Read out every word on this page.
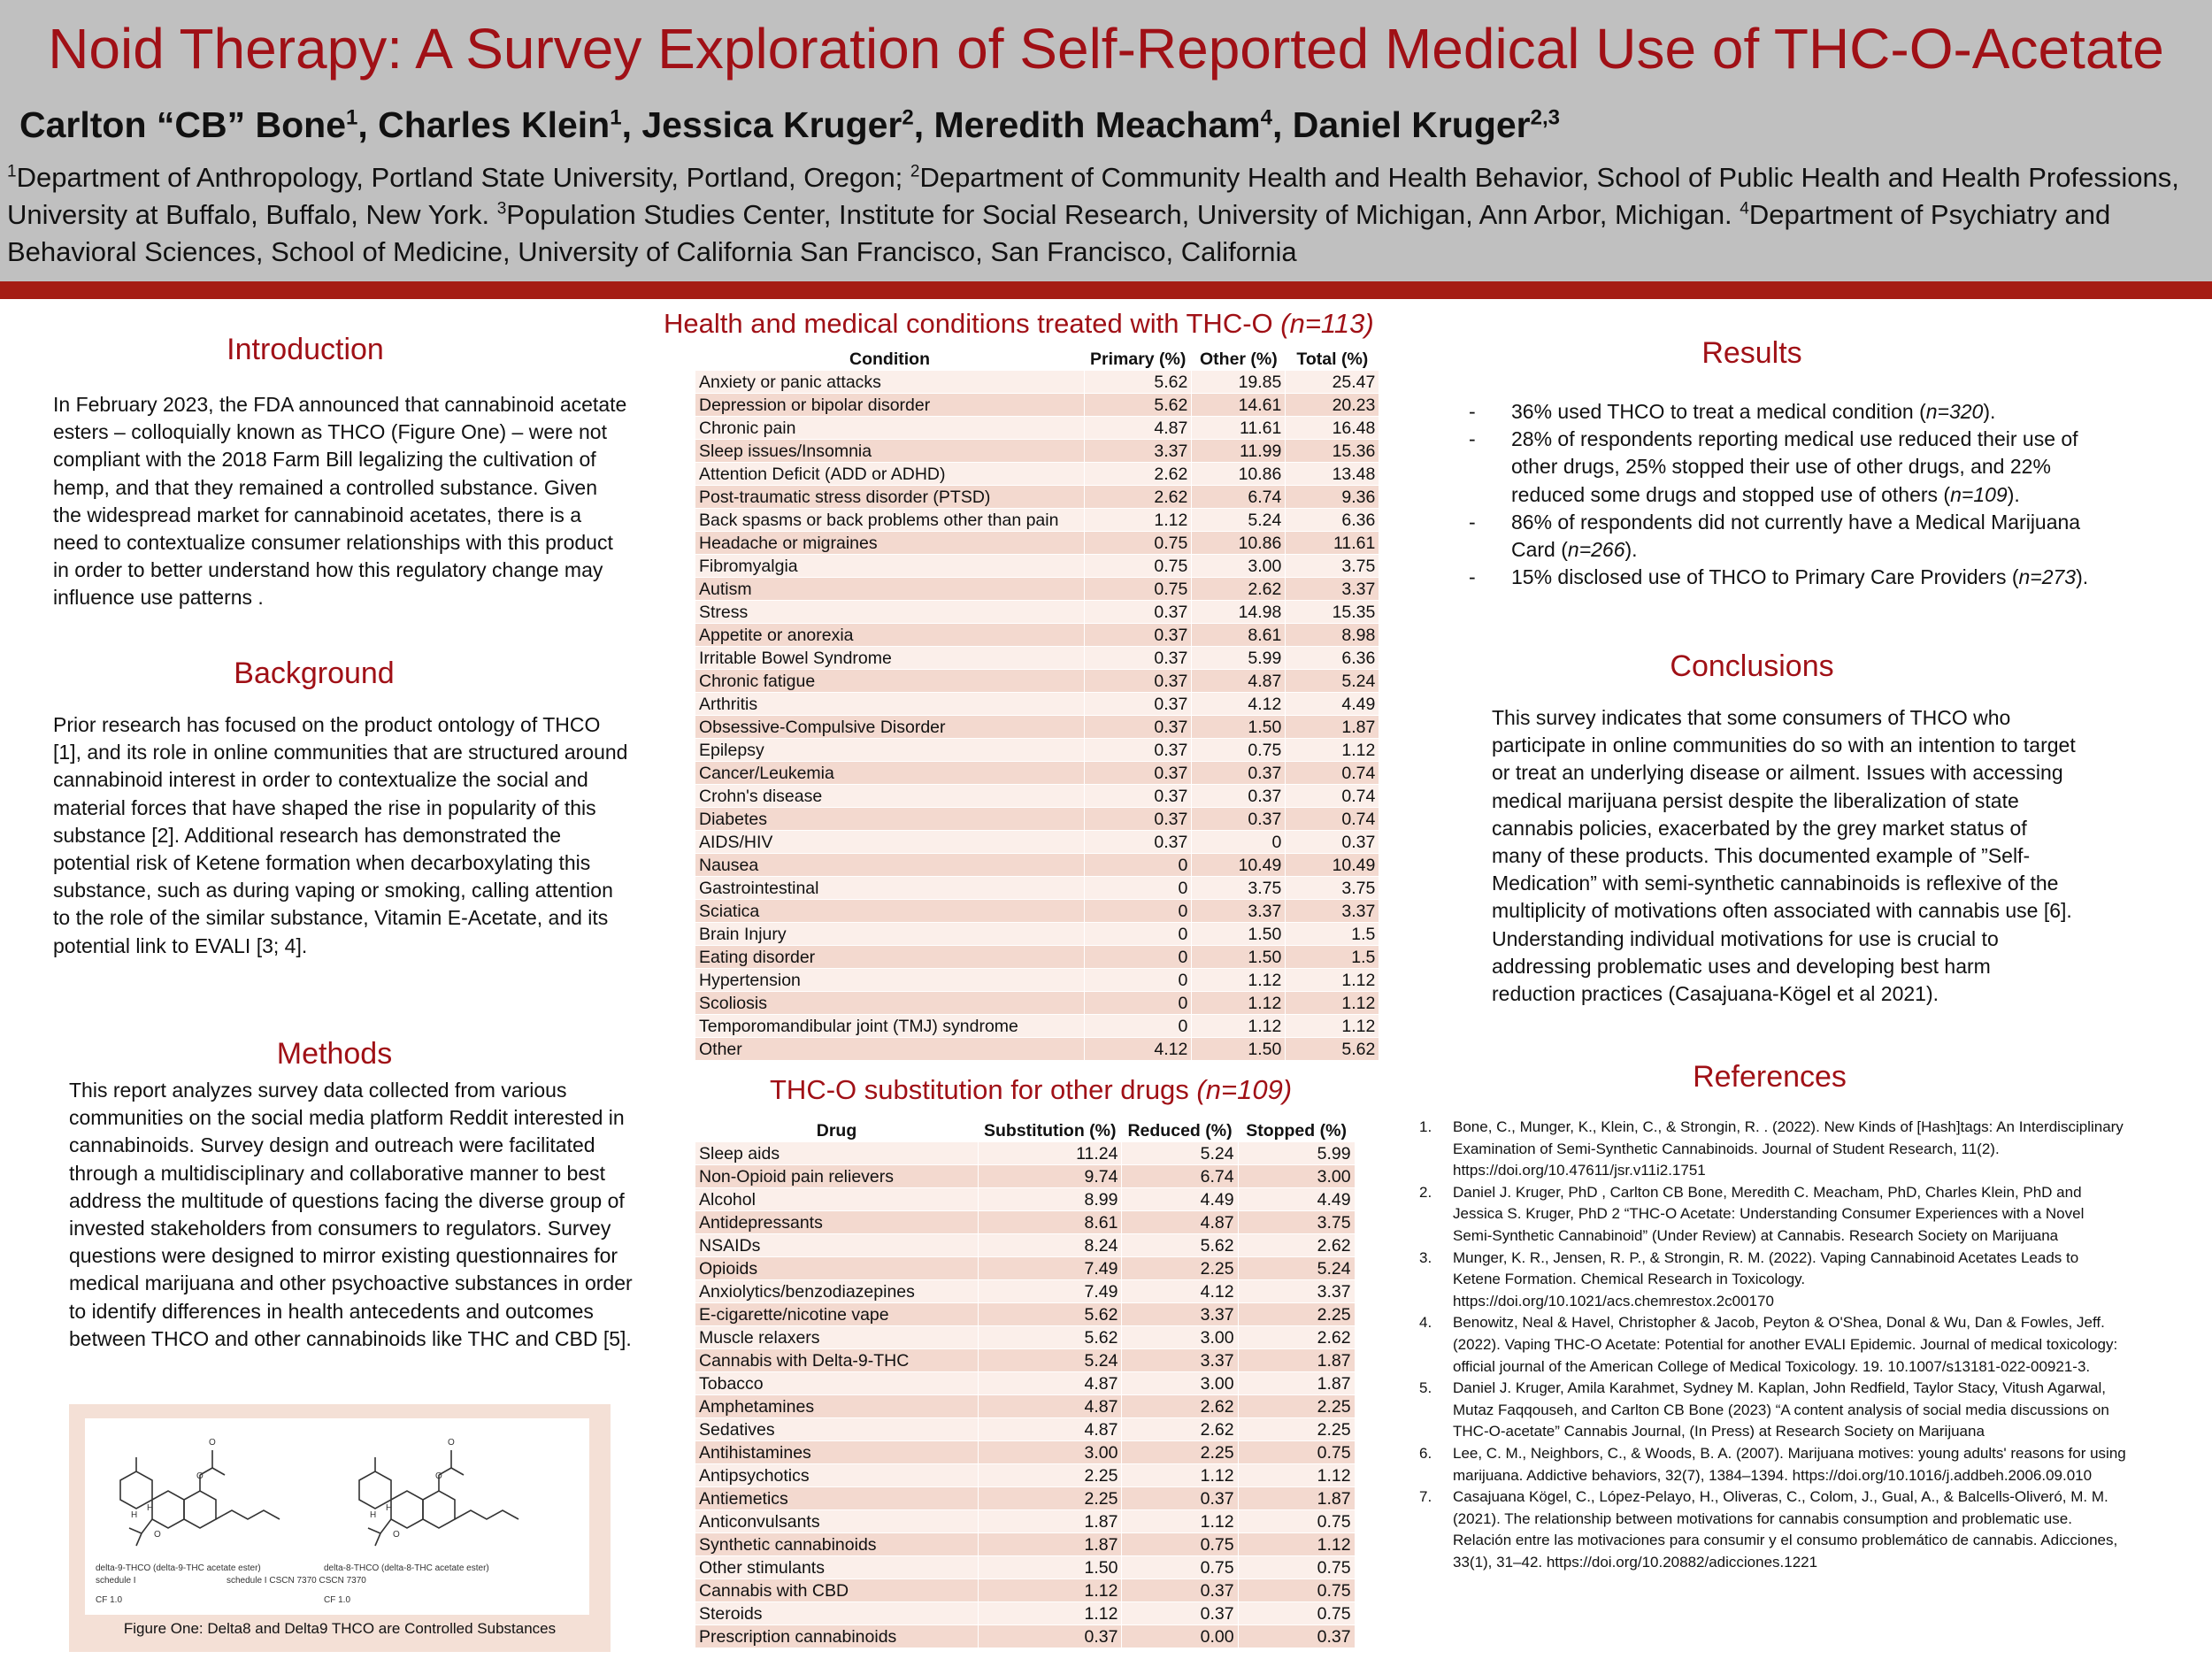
Noid Therapy: A Survey Exploration of Self-Reported Medical Use of THC-O-Acetate
Carlton “CB” Bone$^1$, Charles Klein$^1$, Jessica Kruger$^2$, Meredith Meacham$^4$, Daniel Kruger$^{2,3}$
$^1$Department of Anthropology, Portland State University, Portland, Oregon; $^2$Department of Community Health and Health Behavior, School of Public Health and Health Professions, University at Buffalo, Buffalo, New York. $^3$Population Studies Center, Institute for Social Research, University of Michigan, Ann Arbor, Michigan. $^4$Department of Psychiatry and Behavioral Sciences, School of Medicine, University of California San Francisco, San Francisco, California
Introduction
In February 2023, the FDA announced that cannabinoid acetate esters – colloquially known as THCO (Figure One) – were not compliant with the 2018 Farm Bill legalizing the cultivation of hemp, and that they remained a controlled substance. Given the widespread market for cannabinoid acetates, there is a need to contextualize consumer relationships with this product in order to better understand how this regulatory change may influence use patterns .
Background
Prior research has focused on the product ontology of THCO [1], and its role in online communities that are structured around cannabinoid interest in order to contextualize the social and material forces that have shaped the rise in popularity of this substance [2]. Additional research has demonstrated the potential risk of Ketene formation when decarboxylating this substance, such as during vaping or smoking, calling attention to the role of the similar substance, Vitamin E-Acetate, and its potential link to EVALI [3; 4].
Methods
This report analyzes survey data collected from various communities on the social media platform Reddit interested in cannabinoids. Survey design and outreach were facilitated through a multidisciplinary and collaborative manner to best address the multitude of questions facing the diverse group of invested stakeholders from consumers to regulators. Survey questions were designed to mirror existing questionnaires for medical marijuana and other psychoactive substances in order to identify differences in health antecedents and outcomes between THCO and other cannabinoids like THC and CBD [5].
O
O
H
H
O
O
O
H
H
O
delta-9-THCO (delta-9-THC acetate ester)
schedule I
CF 1.0
delta-8-THCO (delta-8-THC acetate ester)
schedule I CSCN 7370 CSCN 7370
CF 1.0
Figure One: Delta8 and Delta9 THCO are Controlled Substances
Health and medical conditions treated with THC-O (n=113)
Condition	Primary (%)	Other (%)	Total (%)
Anxiety or panic attacks	5.62	19.85	25.47
Depression or bipolar disorder	5.62	14.61	20.23
Chronic pain	4.87	11.61	16.48
Sleep issues/Insomnia	3.37	11.99	15.36
Attention Deficit (ADD or ADHD)	2.62	10.86	13.48
Post-traumatic stress disorder (PTSD)	2.62	6.74	9.36
Back spasms or back problems other than pain	1.12	5.24	6.36
Headache or migraines	0.75	10.86	11.61
Fibromyalgia	0.75	3.00	3.75
Autism	0.75	2.62	3.37
Stress	0.37	14.98	15.35
Appetite or anorexia	0.37	8.61	8.98
Irritable Bowel Syndrome	0.37	5.99	6.36
Chronic fatigue	0.37	4.87	5.24
Arthritis	0.37	4.12	4.49
Obsessive-Compulsive Disorder	0.37	1.50	1.87
Epilepsy	0.37	0.75	1.12
Cancer/Leukemia	0.37	0.37	0.74
Crohn's disease	0.37	0.37	0.74
Diabetes	0.37	0.37	0.74
AIDS/HIV	0.37	0	0.37
Nausea	0	10.49	10.49
Gastrointestinal	0	3.75	3.75
Sciatica	0	3.37	3.37
Brain Injury	0	1.50	1.5
Eating disorder	0	1.50	1.5
Hypertension	0	1.12	1.12
Scoliosis	0	1.12	1.12
Temporomandibular joint (TMJ) syndrome	0	1.12	1.12
Other	4.12	1.50	5.62
THC-O substitution for other drugs (n=109)
Drug	Substitution (%)	Reduced (%)	Stopped (%)
Sleep aids	11.24	5.24	5.99
Non-Opioid pain relievers	9.74	6.74	3.00
Alcohol	8.99	4.49	4.49
Antidepressants	8.61	4.87	3.75
NSAIDs	8.24	5.62	2.62
Opioids	7.49	2.25	5.24
Anxiolytics/benzodiazepines	7.49	4.12	3.37
E-cigarette/nicotine vape	5.62	3.37	2.25
Muscle relaxers	5.62	3.00	2.62
Cannabis with Delta-9-THC	5.24	3.37	1.87
Tobacco	4.87	3.00	1.87
Amphetamines	4.87	2.62	2.25
Sedatives	4.87	2.62	2.25
Antihistamines	3.00	2.25	0.75
Antipsychotics	2.25	1.12	1.12
Antiemetics	2.25	0.37	1.87
Anticonvulsants	1.87	1.12	0.75
Synthetic cannabinoids	1.87	0.75	1.12
Other stimulants	1.50	0.75	0.75
Cannabis with CBD	1.12	0.37	0.75
Steroids	1.12	0.37	0.75
Prescription cannabinoids	0.37	0.00	0.37
Results
- 36% used THCO to treat a medical condition (n=320).
- 28% of respondents reporting medical use reduced their use of other drugs, 25% stopped their use of other drugs, and 22% reduced some drugs and stopped use of others (n=109).
- 86% of respondents did not currently have a Medical Marijuana Card (n=266).
- 15% disclosed use of THCO to Primary Care Providers (n=273).
Conclusions
This survey indicates that some consumers of THCO who participate in online communities do so with an intention to target or treat an underlying disease or ailment. Issues with accessing medical marijuana persist despite the liberalization of state cannabis policies, exacerbated by the grey market status of many of these products. This documented example of ”Self-Medication” with semi-synthetic cannabinoids is reflexive of the multiplicity of motivations often associated with cannabis use [6]. Understanding individual motivations for use is crucial to addressing problematic uses and developing best harm reduction practices (Casajuana-Kögel et al 2021).
References
1. Bone, C., Munger, K., Klein, C., & Strongin, R. . (2022). New Kinds of [Hash]tags: An Interdisciplinary Examination of Semi-Synthetic Cannabinoids. Journal of Student Research, 11(2). https://doi.org/10.47611/jsr.v11i2.1751
2. Daniel J. Kruger, PhD , Carlton CB Bone, Meredith C. Meacham, PhD, Charles Klein, PhD and Jessica S. Kruger, PhD 2 “THC-O Acetate: Understanding Consumer Experiences with a Novel Semi-Synthetic Cannabinoid” (Under Review) at Cannabis. Research Society on Marijuana
3. Munger, K. R., Jensen, R. P., & Strongin, R. M. (2022). Vaping Cannabinoid Acetates Leads to Ketene Formation. Chemical Research in Toxicology. https://doi.org/10.1021/acs.chemrestox.2c00170
4. Benowitz, Neal & Havel, Christopher & Jacob, Peyton & O'Shea, Donal & Wu, Dan & Fowles, Jeff. (2022). Vaping THC-O Acetate: Potential for another EVALI Epidemic. Journal of medical toxicology: official journal of the American College of Medical Toxicology. 19. 10.1007/s13181-022-00921-3.
5. Daniel J. Kruger, Amila Karahmet, Sydney M. Kaplan, John Redfield, Taylor Stacy, Vitush Agarwal, Mutaz Faqqouseh, and Carlton CB Bone (2023) “A content analysis of social media discussions on THC-O-acetate” Cannabis Journal, (In Press) at Research Society on Marijuana
6. Lee, C. M., Neighbors, C., & Woods, B. A. (2007). Marijuana motives: young adults' reasons for using marijuana. Addictive behaviors, 32(7), 1384–1394. https://doi.org/10.1016/j.addbeh.2006.09.010
7. Casajuana Kögel, C., López-Pelayo, H., Oliveras, C., Colom, J., Gual, A., & Balcells-Oliveró, M. M. (2021). The relationship between motivations for cannabis consumption and problematic use. Relación entre las motivaciones para consumir y el consumo problemático de cannabis. Adicciones, 33(1), 31–42. https://doi.org/10.20882/adicciones.1221
